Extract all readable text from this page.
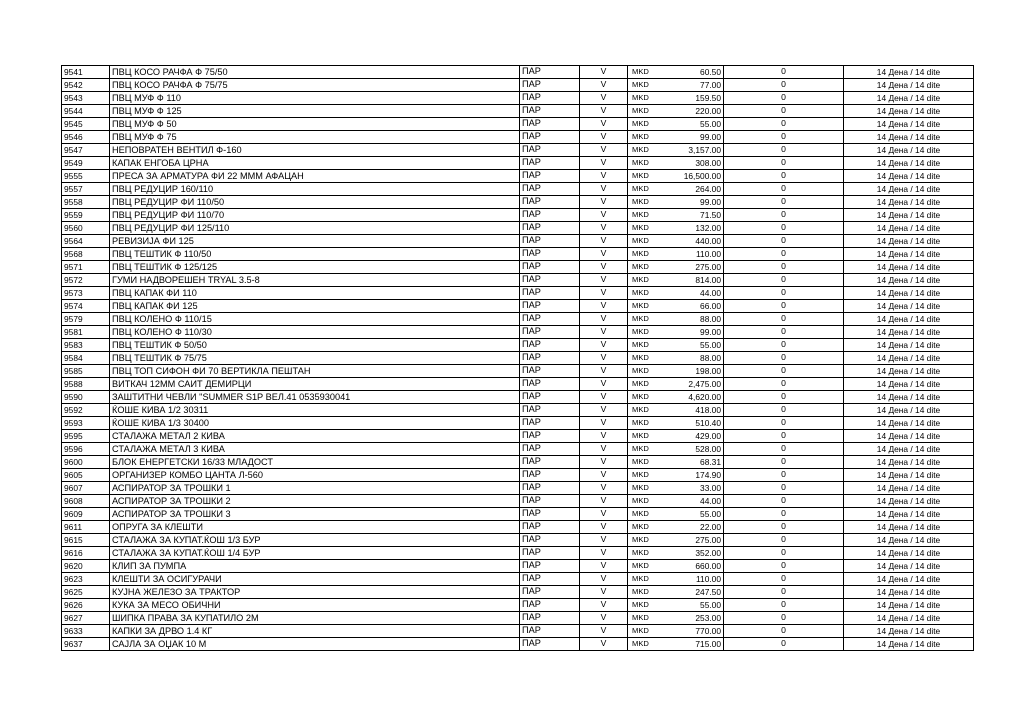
9541	ПВЦ КОСО РАЧФА Ф 75/50	ПАР	V	MKD 60.50	0	14 Дена / 14 dite
9542	ПВЦ КОСО РАЧФА Ф 75/75	ПАР	V	MKD 77.00	0	14 Дена / 14 dite
9543	ПВЦ МУФ Ф 110	ПАР	V	MKD 159.50	0	14 Дена / 14 dite
9544	ПВЦ МУФ Ф 125	ПАР	V	MKD 220.00	0	14 Дена / 14 dite
9545	ПВЦ МУФ Ф 50	ПАР	V	MKD 55.00	0	14 Дена / 14 dite
9546	ПВЦ МУФ Ф 75	ПАР	V	MKD 99.00	0	14 Дена / 14 dite
9547	НЕПОВРАТЕН ВЕНТИЛ Ф-160	ПАР	V	MKD 3,157.00	0	14 Дена / 14 dite
9549	КАПАК ЕНГОБА ЦРНА	ПАР	V	MKD 308.00	0	14 Дена / 14 dite
9555	ПРЕСА ЗА АРМАТУРА ФИ 22 МММ АФАЦАН	ПАР	V	MKD 16,500.00	0	14 Дена / 14 dite
9557	ПВЦ РЕДУЦИР 160/110	ПАР	V	MKD 264.00	0	14 Дена / 14 dite
9558	ПВЦ РЕДУЦИР ФИ 110/50	ПАР	V	MKD 99.00	0	14 Дена / 14 dite
9559	ПВЦ РЕДУЦИР ФИ 110/70	ПАР	V	MKD 71.50	0	14 Дена / 14 dite
9560	ПВЦ РЕДУЦИР ФИ 125/110	ПАР	V	MKD 132.00	0	14 Дена / 14 dite
9564	РЕВИЗИЈА ФИ 125	ПАР	V	MKD 440.00	0	14 Дена / 14 dite
9568	ПВЦ ТЕШТИК Ф 110/50	ПАР	V	MKD 110.00	0	14 Дена / 14 dite
9571	ПВЦ ТЕШТИК Ф 125/125	ПАР	V	MKD 275.00	0	14 Дена / 14 dite
9572	ГУМИ НАДВОРЕШЕН TRYAL 3.5-8	ПАР	V	MKD 814.00	0	14 Дена / 14 dite
9573	ПВЦ КАПАК ФИ 110	ПАР	V	MKD 44.00	0	14 Дена / 14 dite
9574	ПВЦ КАПАК ФИ 125	ПАР	V	MKD 66.00	0	14 Дена / 14 dite
9579	ПВЦ КОЛЕНО Ф 110/15	ПАР	V	MKD 88.00	0	14 Дена / 14 dite
9581	ПВЦ КОЛЕНО Ф 110/30	ПАР	V	MKD 99.00	0	14 Дена / 14 dite
9583	ПВЦ ТЕШТИК Ф 50/50	ПАР	V	MKD 55.00	0	14 Дена / 14 dite
9584	ПВЦ ТЕШТИК Ф 75/75	ПАР	V	MKD 88.00	0	14 Дена / 14 dite
9585	ПВЦ ТОП СИФОН ФИ 70 ВЕРТИКЛА ПЕШТАН	ПАР	V	MKD 198.00	0	14 Дена / 14 dite
9588	ВИТКАЧ 12ММ САИТ ДЕМИРЦИ	ПАР	V	MKD 2,475.00	0	14 Дена / 14 dite
9590	ЗАШТИТНИ ЧЕВЛИ "SUMMER S1P ВЕЛ.41 0535930041	ПАР	V	MKD 4,620.00	0	14 Дена / 14 dite
9592	ЌОШЕ КИВА 1/2 30311	ПАР	V	MKD 418.00	0	14 Дена / 14 dite
9593	ЌОШЕ КИВА 1/3 30400	ПАР	V	MKD 510.40	0	14 Дена / 14 dite
9595	СТАЛАЖА МЕТАЛ 2 КИВА	ПАР	V	MKD 429.00	0	14 Дена / 14 dite
9596	СТАЛАЖА МЕТАЛ 3 КИВА	ПАР	V	MKD 528.00	0	14 Дена / 14 dite
9600	БЛОК ЕНЕРГЕТСКИ 16/33 МЛАДОСТ	ПАР	V	MKD 68.31	0	14 Дена / 14 dite
9605	ОРГАНИЗЕР КОМБО ЦАНТА Л-560	ПАР	V	MKD 174.90	0	14 Дена / 14 dite
9607	АСПИРАТОР ЗА ТРОШКИ 1	ПАР	V	MKD 33.00	0	14 Дена / 14 dite
9608	АСПИРАТОР ЗА ТРОШКИ 2	ПАР	V	MKD 44.00	0	14 Дена / 14 dite
9609	АСПИРАТОР ЗА ТРОШКИ 3	ПАР	V	MKD 55.00	0	14 Дена / 14 dite
9611	ОПРУГА ЗА КЛЕШТИ	ПАР	V	MKD 22.00	0	14 Дена / 14 dite
9615	СТАЛАЖА ЗА КУПАТ.ЌОШ 1/3 БУР	ПАР	V	MKD 275.00	0	14 Дена / 14 dite
9616	СТАЛАЖА ЗА КУПАТ.ЌОШ 1/4 БУР	ПАР	V	MKD 352.00	0	14 Дена / 14 dite
9620	КЛИП ЗА ПУМПА	ПАР	V	MKD 660.00	0	14 Дена / 14 dite
9623	КЛЕШТИ ЗА ОСИГУРАЧИ	ПАР	V	MKD 110.00	0	14 Дена / 14 dite
9625	КУЈНА ЖЕЛЕЗО ЗА ТРАКТОР	ПАР	V	MKD 247.50	0	14 Дена / 14 dite
9626	КУКА ЗА МЕСО ОБИЧНИ	ПАР	V	MKD 55.00	0	14 Дена / 14 dite
9627	ШИПКА ПРАВА ЗА КУПАТИЛО 2М	ПАР	V	MKD 253.00	0	14 Дена / 14 dite
9633	КАПКИ ЗА ДРВО 1.4 КГ	ПАР	V	MKD 770.00	0	14 Дена / 14 dite
9637	САЈЛА ЗА ОЏАК 10 М	ПАР	V	MKD 715.00	0	14 Дена / 14 dite
